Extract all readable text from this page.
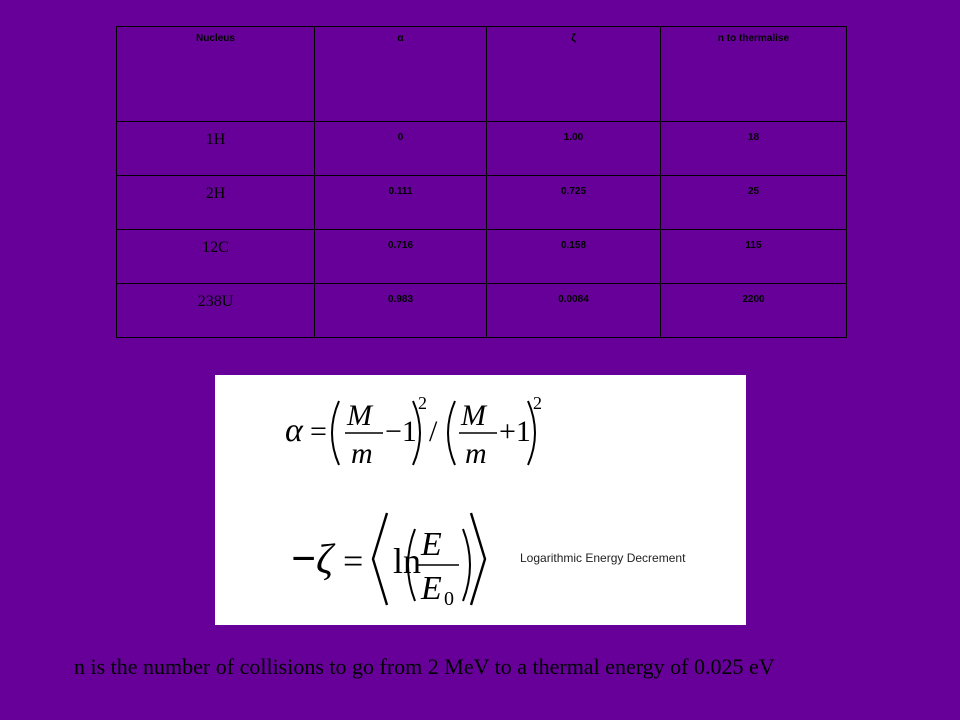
Nucleus	α	ζ	n to thermalise
1H	0	1.00	18
2H	0.111	0.725	25
12C	0.716	0.158	115
238U	0.983	0.0084	2200
α = M
m
−1
2
/ M
m
+1
2
− ζ = ln E
E 0
Logarithmic Energy Decrement
n is the number of collisions to go from 2 MeV to a thermal energy of 0.025 eV
